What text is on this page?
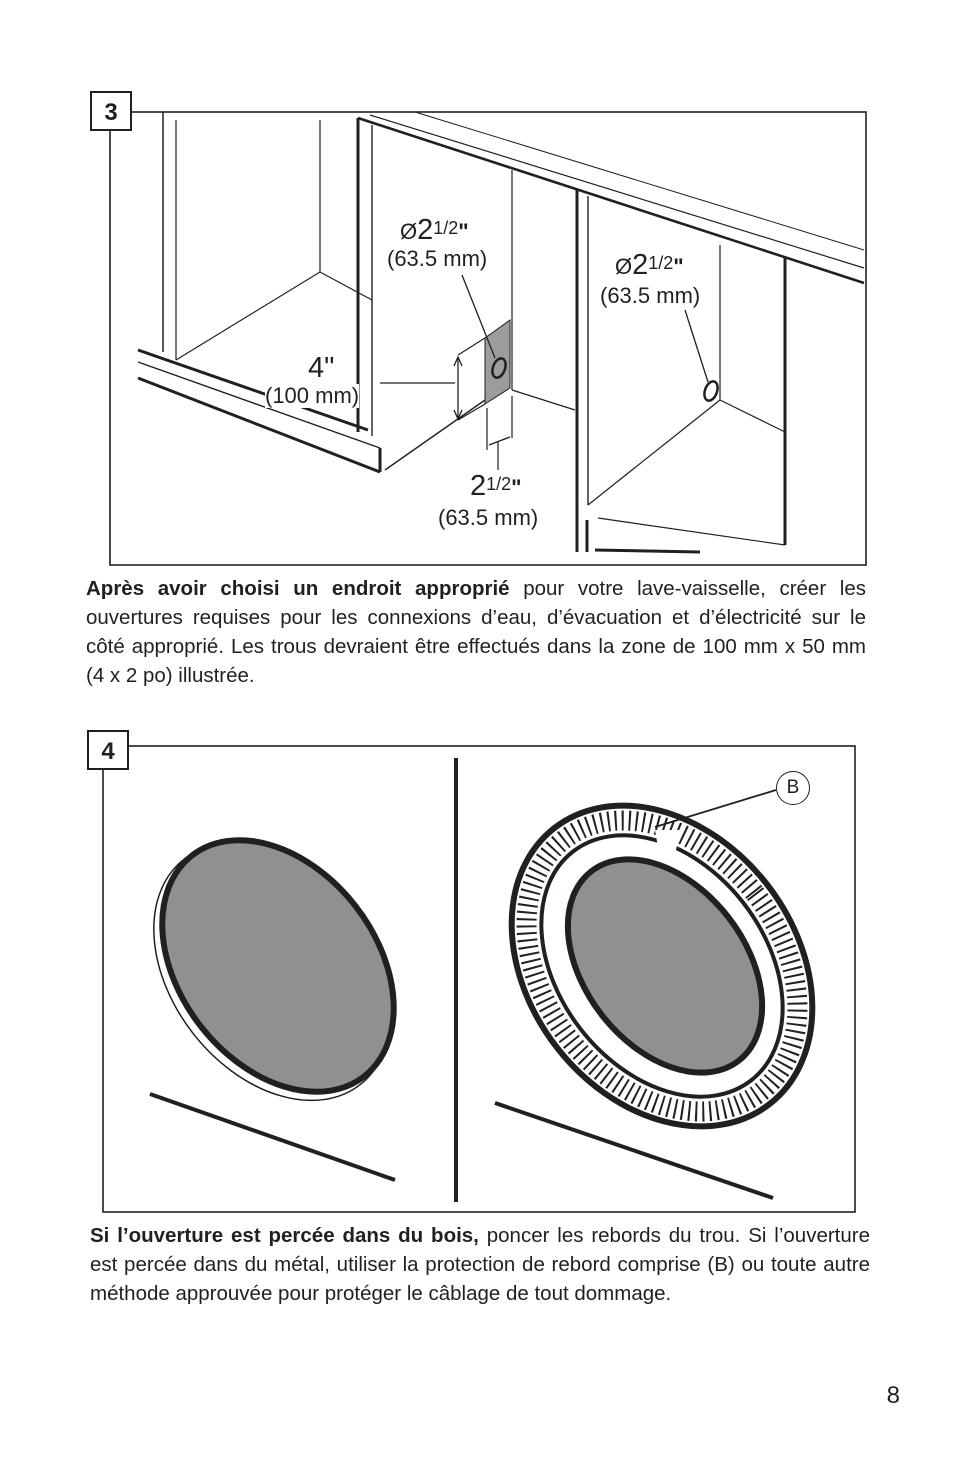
3
$Ø2^{1/2}$"
(63.5 mm)	$Ø2^{1/2}$"
(63.5 mm)
4"
(100 mm)
$2^{1/2}$"
(63.5 mm)
Après avoir choisi un endroit approprié pour votre lave-vaisselle, créer les ouvertures requises pour les connexions d’eau, d’évacuation et d’électricité sur le côté approprié. Les trous devraient être effectués dans la zone de 100 mm x 50 mm (4 x 2 po) illustrée.
4
B
Si l’ouverture est percée dans du bois, poncer les rebords du trou. Si l’ouverture est percée dans du métal, utiliser la protection de rebord comprise (B) ou toute autre méthode approuvée pour protéger le câblage de tout dommage.
8
